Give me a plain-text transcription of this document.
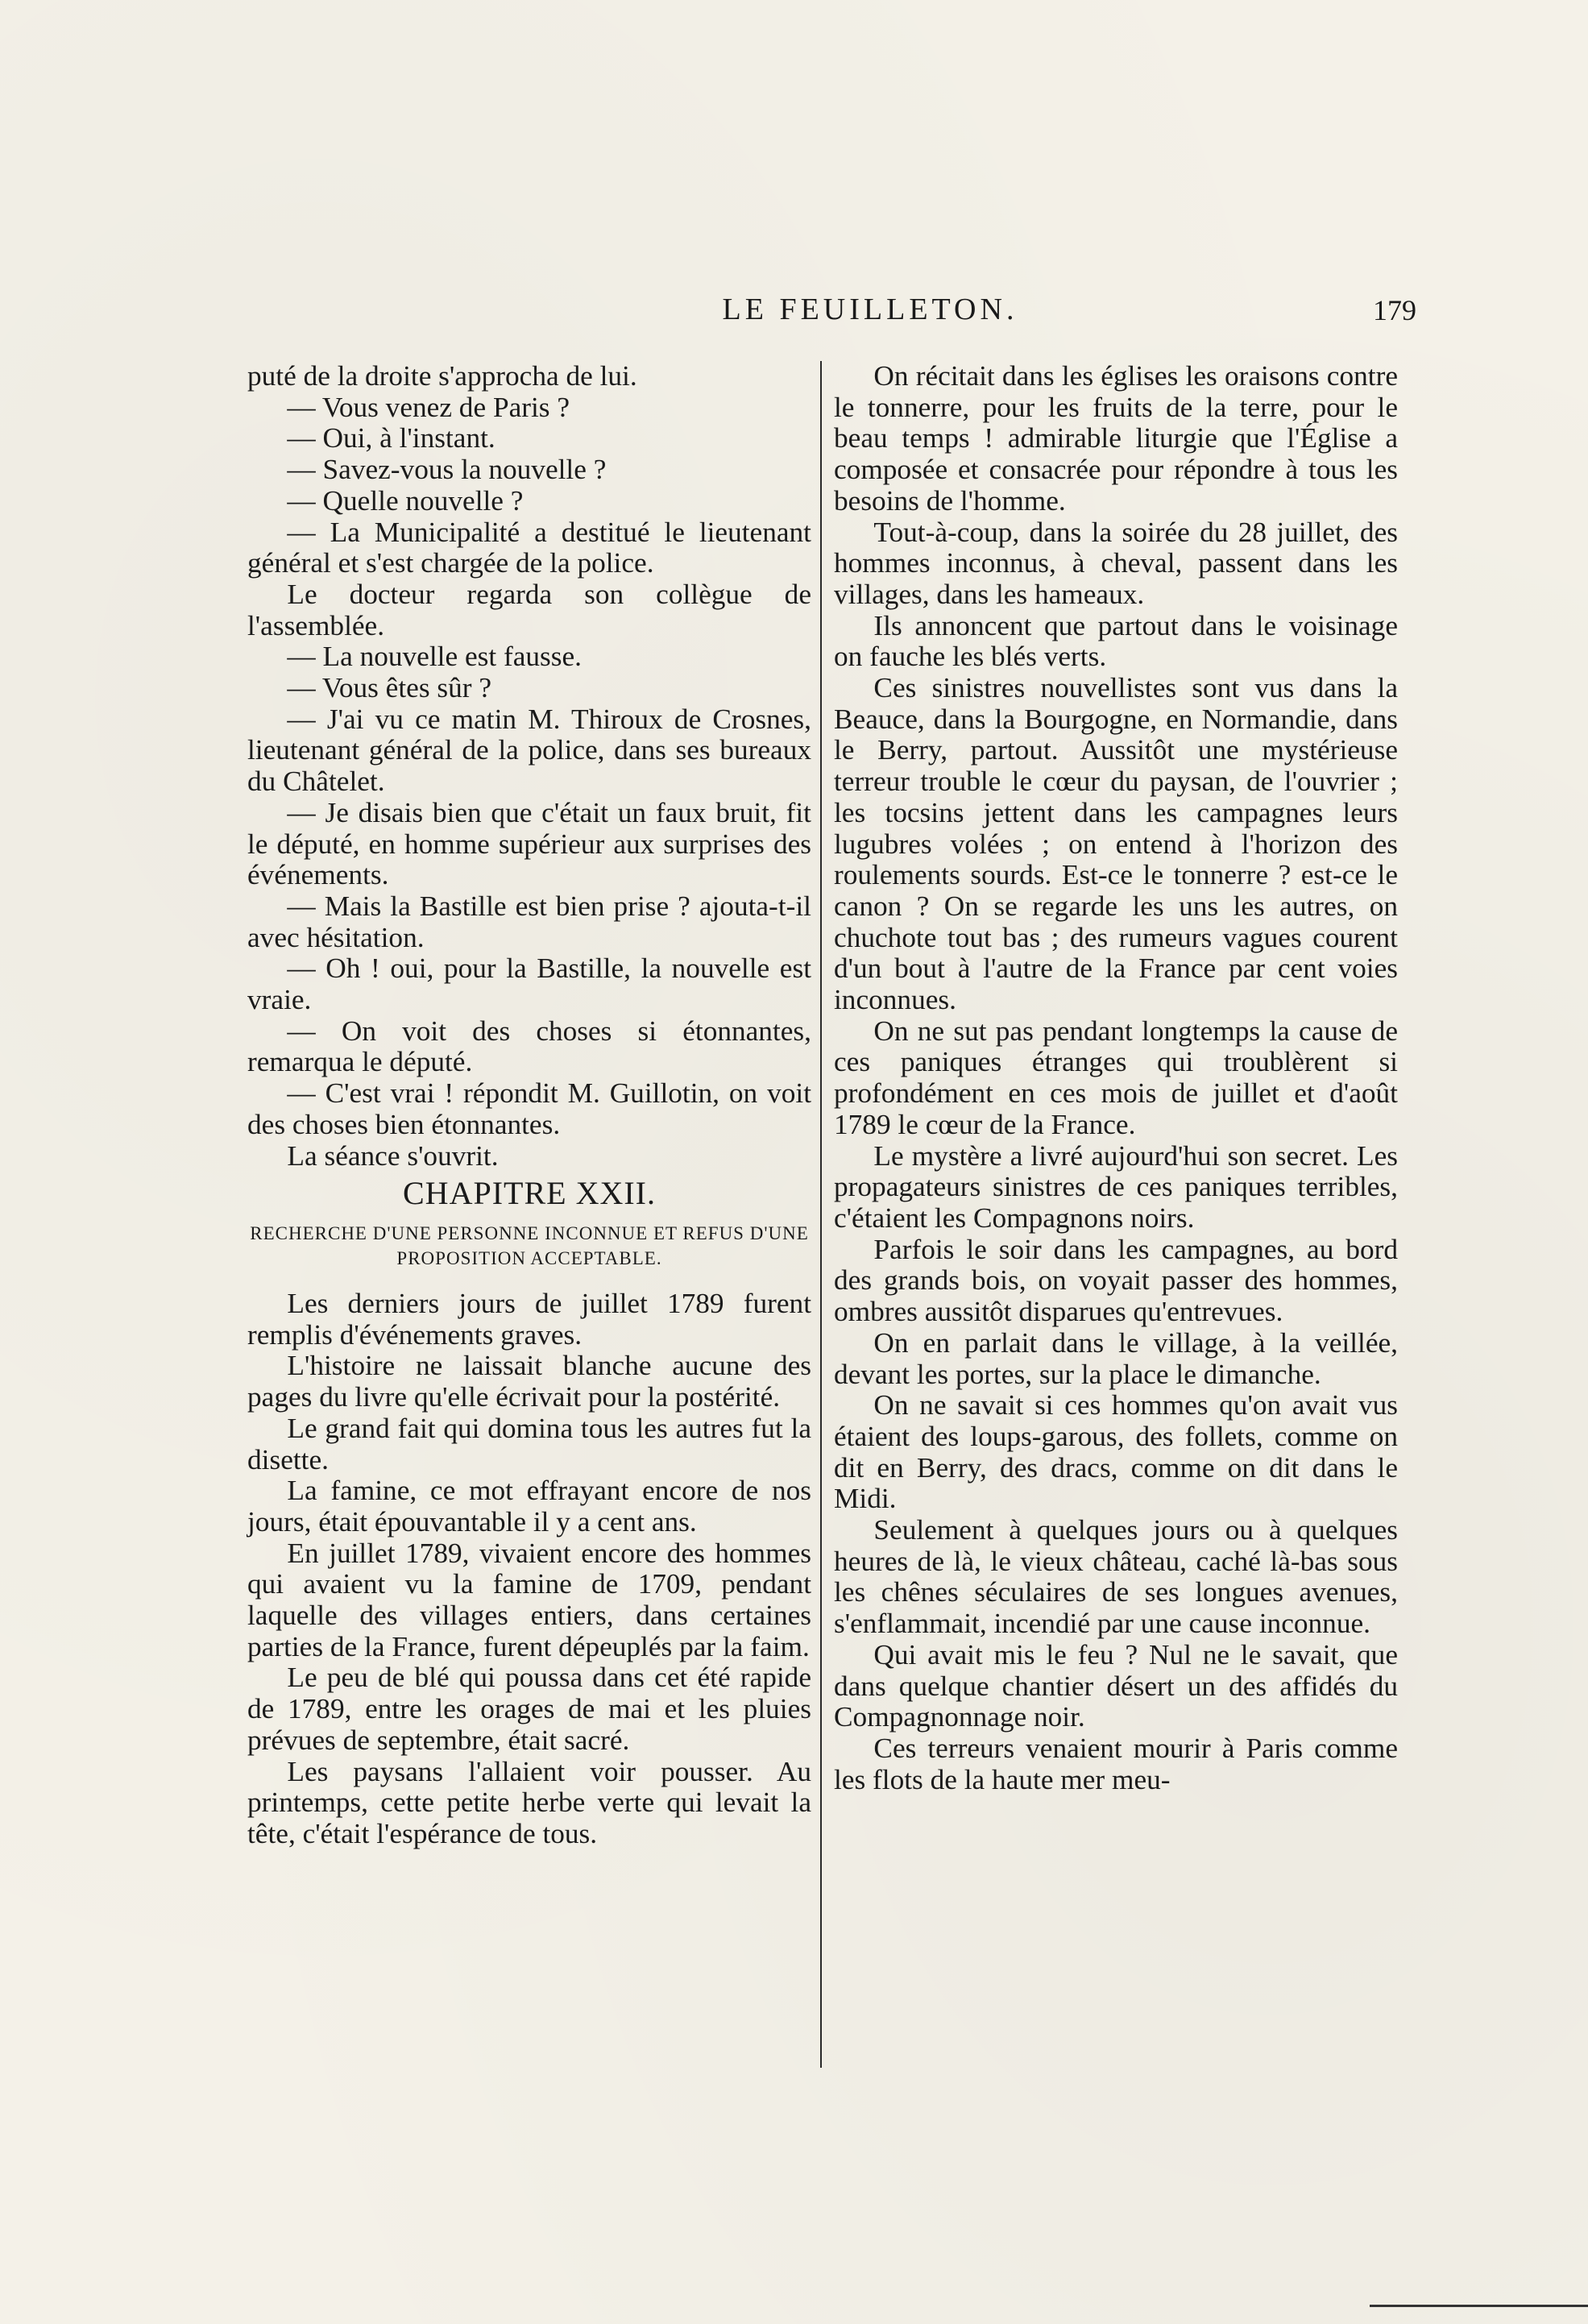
LE FEUILLETON.	179

puté de la droite s'approcha de lui.

— Vous venez de Paris ?

— Oui, à l'instant.

— Savez-vous la nouvelle ?

— Quelle nouvelle ?

— La Municipalité a destitué le lieutenant général et s'est chargée de la police.

Le docteur regarda son collègue de l'assemblée.

— La nouvelle est fausse.

— Vous êtes sûr ?

— J'ai vu ce matin M. Thiroux de Crosnes, lieutenant général de la police, dans ses bureaux du Châtelet.

— Je disais bien que c'était un faux bruit, fit le député, en homme supérieur aux surprises des événements.

— Mais la Bastille est bien prise ? ajouta-t-il avec hésitation.

— Oh ! oui, pour la Bastille, la nouvelle est vraie.

— On voit des choses si étonnantes, remarqua le député.

— C'est vrai ! répondit M. Guillotin, on voit des choses bien étonnantes.

La séance s'ouvrit.

CHAPITRE XXII.
RECHERCHE D'UNE PERSONNE INCONNUE ET REFUS D'UNE PROPOSITION ACCEPTABLE.

Les derniers jours de juillet 1789 furent remplis d'événements graves.

L'histoire ne laissait blanche aucune des pages du livre qu'elle écrivait pour la postérité.

Le grand fait qui domina tous les autres fut la disette.

La famine, ce mot effrayant encore de nos jours, était épouvantable il y a cent ans.

En juillet 1789, vivaient encore des hommes qui avaient vu la famine de 1709, pendant laquelle des villages entiers, dans certaines parties de la France, furent dépeuplés par la faim.

Le peu de blé qui poussa dans cet été rapide de 1789, entre les orages de mai et les pluies prévues de septembre, était sacré.

Les paysans l'allaient voir pousser. Au printemps, cette petite herbe verte qui levait la tête, c'était l'espérance de tous.

On récitait dans les églises les oraisons contre le tonnerre, pour les fruits de la terre, pour le beau temps ! admirable liturgie que l'Église a composée et consacrée pour répondre à tous les besoins de l'homme.

Tout-à-coup, dans la soirée du 28 juillet, des hommes inconnus, à cheval, passent dans les villages, dans les hameaux.

Ils annoncent que partout dans le voisinage on fauche les blés verts.

Ces sinistres nouvellistes sont vus dans la Beauce, dans la Bourgogne, en Normandie, dans le Berry, partout. Aussitôt une mystérieuse terreur trouble le cœur du paysan, de l'ouvrier ; les tocsins jettent dans les campagnes leurs lugubres volées ; on entend à l'horizon des roulements sourds. Est-ce le tonnerre ? est-ce le canon ? On se regarde les uns les autres, on chuchote tout bas ; des rumeurs vagues courent d'un bout à l'autre de la France par cent voies inconnues.

On ne sut pas pendant longtemps la cause de ces paniques étranges qui troublèrent si profondément en ces mois de juillet et d'août 1789 le cœur de la France.

Le mystère a livré aujourd'hui son secret. Les propagateurs sinistres de ces paniques terribles, c'étaient les Compagnons noirs.

Parfois le soir dans les campagnes, au bord des grands bois, on voyait passer des hommes, ombres aussitôt disparues qu'entrevues.

On en parlait dans le village, à la veillée, devant les portes, sur la place le dimanche.

On ne savait si ces hommes qu'on avait vus étaient des loups-garous, des follets, comme on dit en Berry, des dracs, comme on dit dans le Midi.

Seulement à quelques jours ou à quelques heures de là, le vieux château, caché là-bas sous les chênes séculaires de ses longues avenues, s'enflammait, incendié par une cause inconnue.

Qui avait mis le feu ? Nul ne le savait, que dans quelque chantier désert un des affidés du Compagnonnage noir.

Ces terreurs venaient mourir à Paris comme les flots de la haute mer meu-
